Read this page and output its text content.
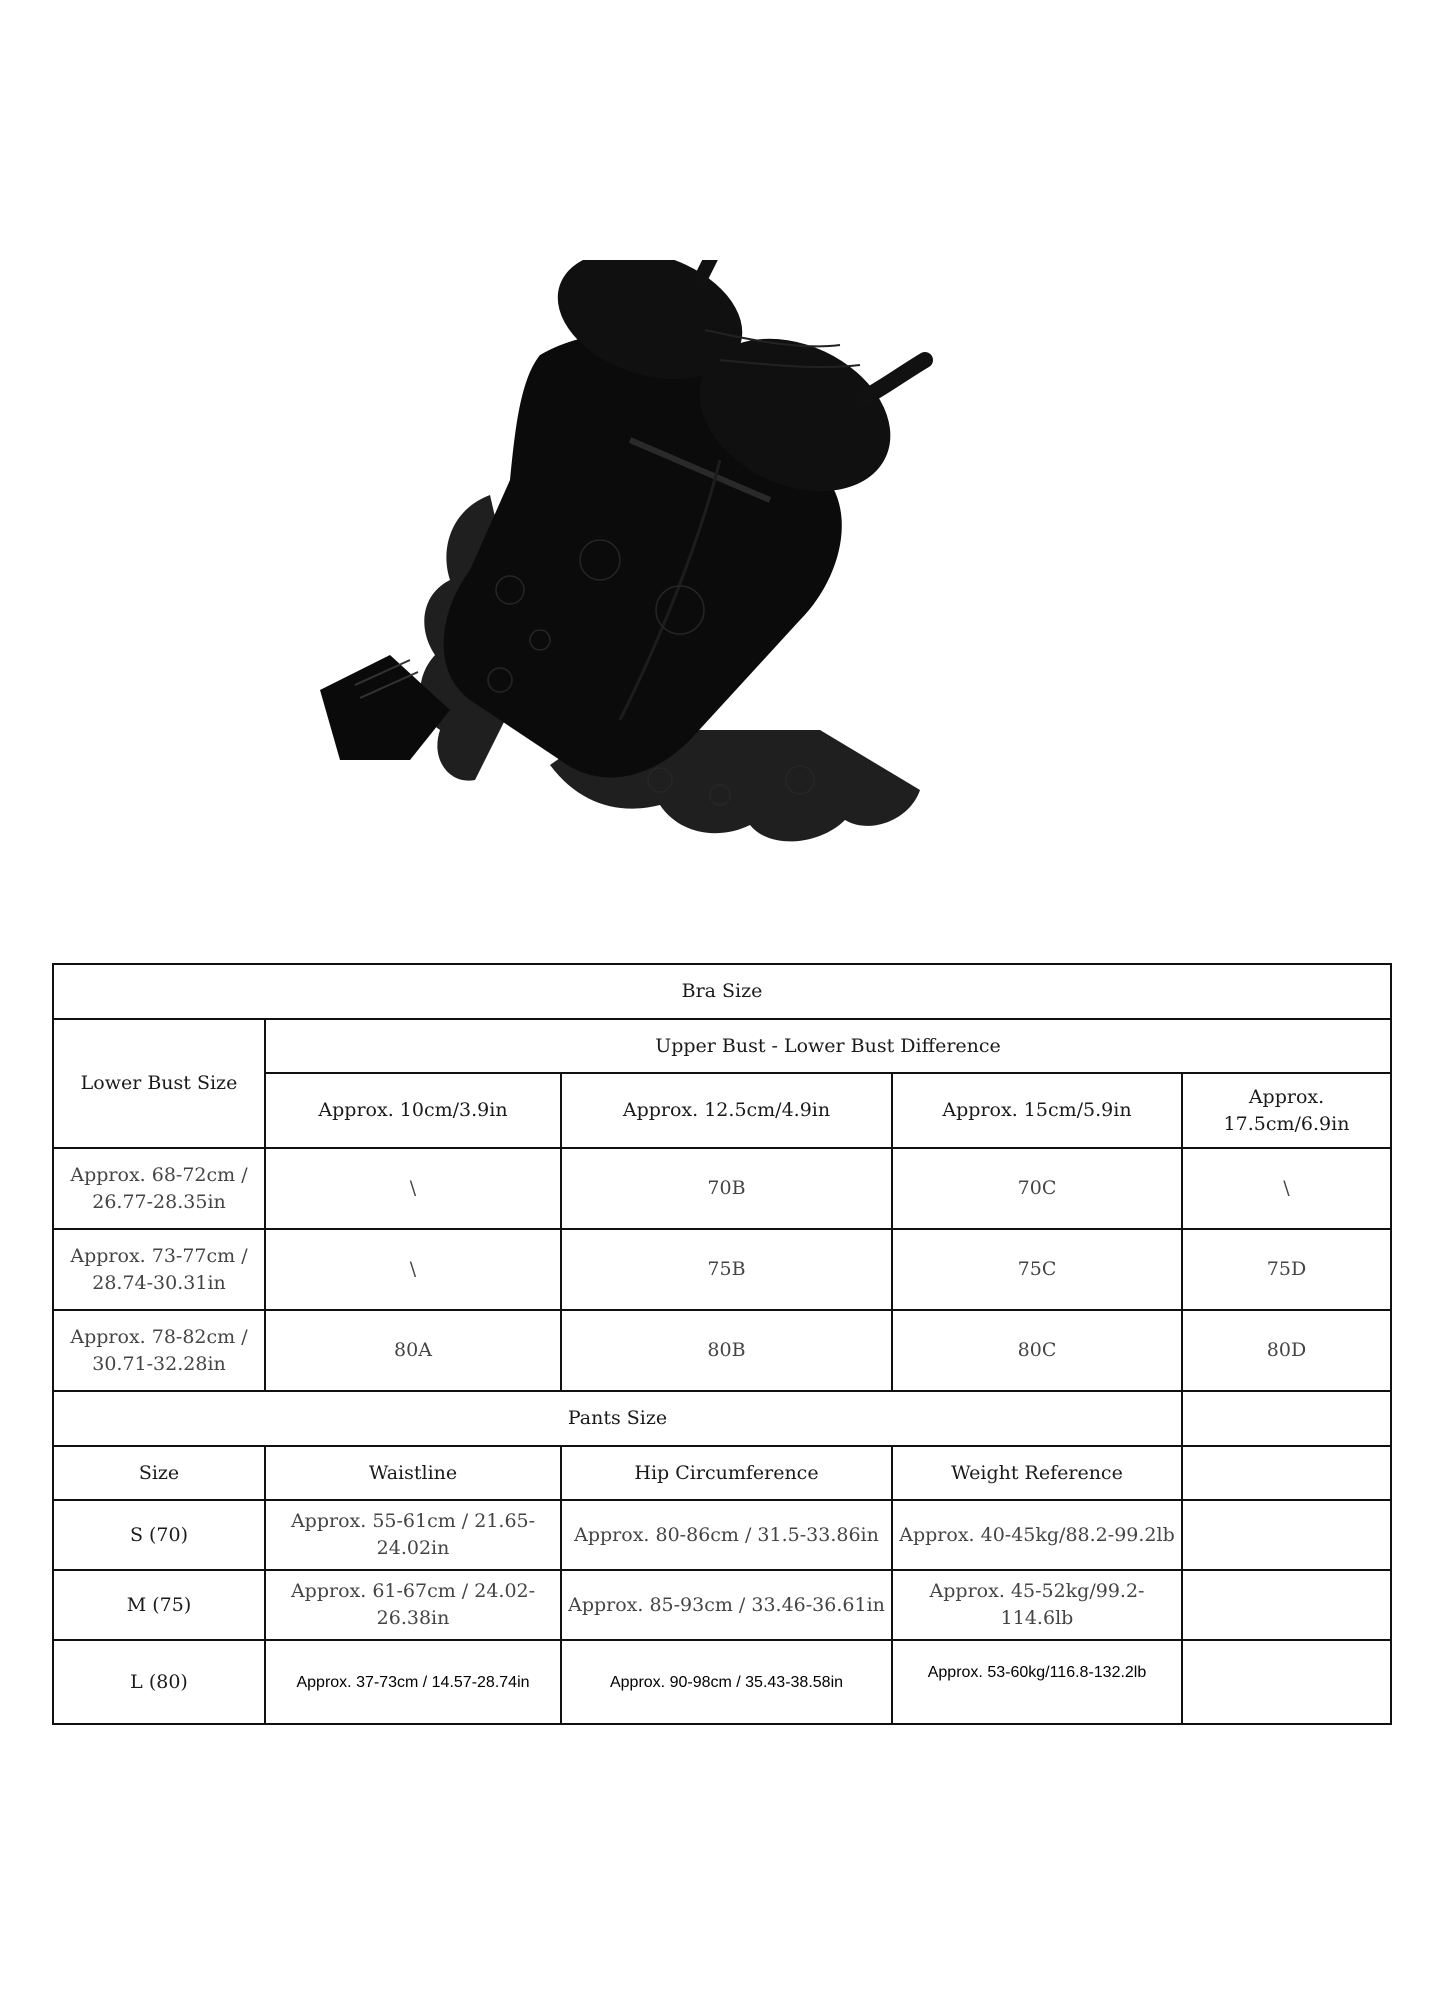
Bra Size				
Lower Bust Size	Upper Bust - Lower Bust Difference			
	Approx. 10cm/3.9in	Approx. 12.5cm/4.9in	Approx. 15cm/5.9in	Approx. 17.5cm/6.9in
Approx. 68-72cm / 26.77-28.35in	\	70B	70C	\
Approx. 73-77cm / 28.74-30.31in	\	75B	75C	75D
Approx. 78-82cm / 30.71-32.28in	80A	80B	80C	80D
Pants Size				
Size	Waistline	Hip Circumference	Weight Reference	
S (70)	Approx. 55-61cm / 21.65-24.02in	Approx. 80-86cm / 31.5-33.86in	Approx. 40-45kg/88.2-99.2lb	
M (75)	Approx. 61-67cm / 24.02-26.38in	Approx. 85-93cm / 33.46-36.61in	Approx. 45-52kg/99.2-114.6lb	
L (80)	Approx. 37-73cm / 14.57-28.74in	Approx. 90-98cm / 35.43-38.58in	Approx. 53-60kg/116.8-132.2lb	
